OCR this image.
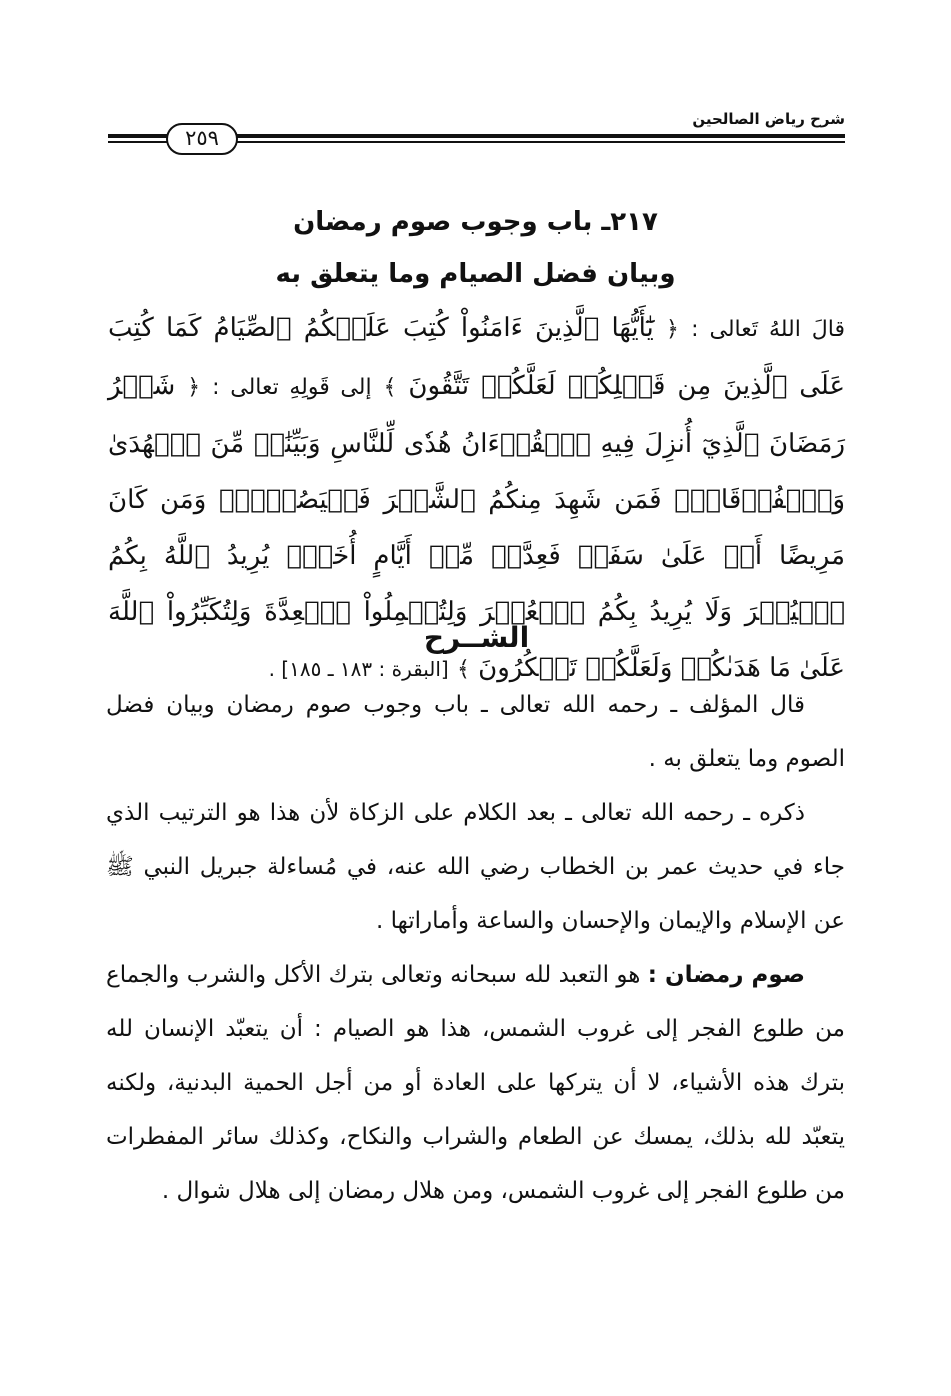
شرح رياض الصالحين
٢٥٩
٢١٧ـ باب وجوب صوم رمضان
وبيان فضل الصيام وما يتعلق به
قالَ اللهُ تَعالى : ﴿ يَٰٓأَيُّهَا ٱلَّذِينَ ءَامَنُواْ كُتِبَ عَلَيۡكُمُ ٱلصِّيَامُ كَمَا كُتِبَ عَلَى ٱلَّذِينَ مِن قَبۡلِكُمۡ لَعَلَّكُمۡ تَتَّقُونَ ﴾ إلى قَولِهِ تعالى : ﴿ شَهۡرُ رَمَضَانَ ٱلَّذِيٓ أُنزِلَ فِيهِ ٱلۡقُرۡءَانُ هُدٗى لِّلنَّاسِ وَبَيِّنَٰتٖ مِّنَ ٱلۡهُدَىٰ وَٱلۡفُرۡقَانِۚ فَمَن شَهِدَ مِنكُمُ ٱلشَّهۡرَ فَلۡيَصُمۡهُۖ وَمَن كَانَ مَرِيضًا أَوۡ عَلَىٰ سَفَرٖ فَعِدَّةٞ مِّنۡ أَيَّامٍ أُخَرَۗ يُرِيدُ ٱللَّهُ بِكُمُ ٱلۡيُسۡرَ وَلَا يُرِيدُ بِكُمُ ٱلۡعُسۡرَ وَلِتُكۡمِلُواْ ٱلۡعِدَّةَ وَلِتُكَبِّرُواْ ٱللَّهَ عَلَىٰ مَا هَدَىٰكُمۡ وَلَعَلَّكُمۡ تَشۡكُرُونَ ﴾ [البقرة : ١٨٣ ـ ١٨٥] .
الشــرح

قال المؤلف ـ رحمه الله تعالى ـ باب وجوب صوم رمضان وبيان فضل الصوم وما يتعلق به .

ذكره ـ رحمه الله تعالى ـ بعد الكلام على الزكاة لأن هذا هو الترتيب الذي جاء في حديث عمر بن الخطاب رضي الله عنه، في مُساءلة جبريل النبي ﷺ عن الإسلام والإيمان والإحسان والساعة وأماراتها .

صوم رمضان : هو التعبد لله سبحانه وتعالى بترك الأكل والشرب والجماع من طلوع الفجر إلى غروب الشمس، هذا هو الصيام : أن يتعبّد الإنسان لله بترك هذه الأشياء، لا أن يتركها على العادة أو من أجل الحمية البدنية، ولكنه يتعبّد لله بذلك، يمسك عن الطعام والشراب والنكاح، وكذلك سائر المفطرات من طلوع الفجر إلى غروب الشمس، ومن هلال رمضان إلى هلال شوال .
